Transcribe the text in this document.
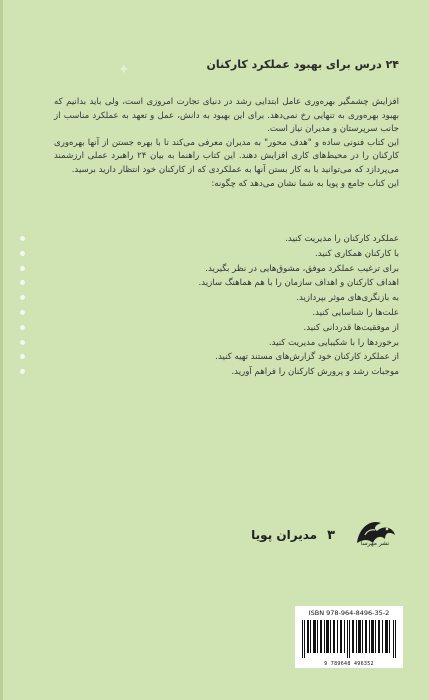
۲۴ درس برای بهبود عملکرد کارکنان
✦

افزایش چشمگیر بهره‌وری عامل ابتدایی رشد در دنیای تجارت امروزی است، ولی باید بدانیم که بهبود بهره‌وری به تنهایی رخ نمی‌دهد. برای این بهبود به دانش، عمل و تعهد به عملکرد مناسب از جانب سرپرستان و مدیران نیاز است.

این کتاب فنونی ساده و "هدف محور" به مدیران معرفی می‌کند تا با بهره جستن از آنها بهره‌وری کارکنان را در محیط‌های کاری افزایش دهند. این کتاب راهنما به بیان ۲۴ راهبرد عملی ارزشمند می‌پردازد که می‌توانید با به کار بستن آنها به عملکردی که از کارکنان خود انتظار دارید برسید.

این کتاب جامع و پویا به شما نشان می‌دهد که چگونه:

عملکرد کارکنان را مدیریت کنید.
با کارکنان همکاری کنید.
برای ترغیب عملکرد موفق، مشوق‌هایی در نظر بگیرید.
اهداف کارکنان و اهداف سازمان را با هم هماهنگ سازید.
به بازنگری‌های موثر بپردازید.
علت‌ها را شناسایی کنید.
از موفقیت‌ها قدردانی کنید.
برخوردها را با شکیبایی مدیریت کنید.
از عملکرد کارکنان خود گزارش‌های مستند تهیه کنید.
موجبات رشد و پرورش کارکنان را فراهم آورید.
۳
مدیران پویا
نشر مهرسا
ISBN 978-964-8496-35-2
9 789648 496352
